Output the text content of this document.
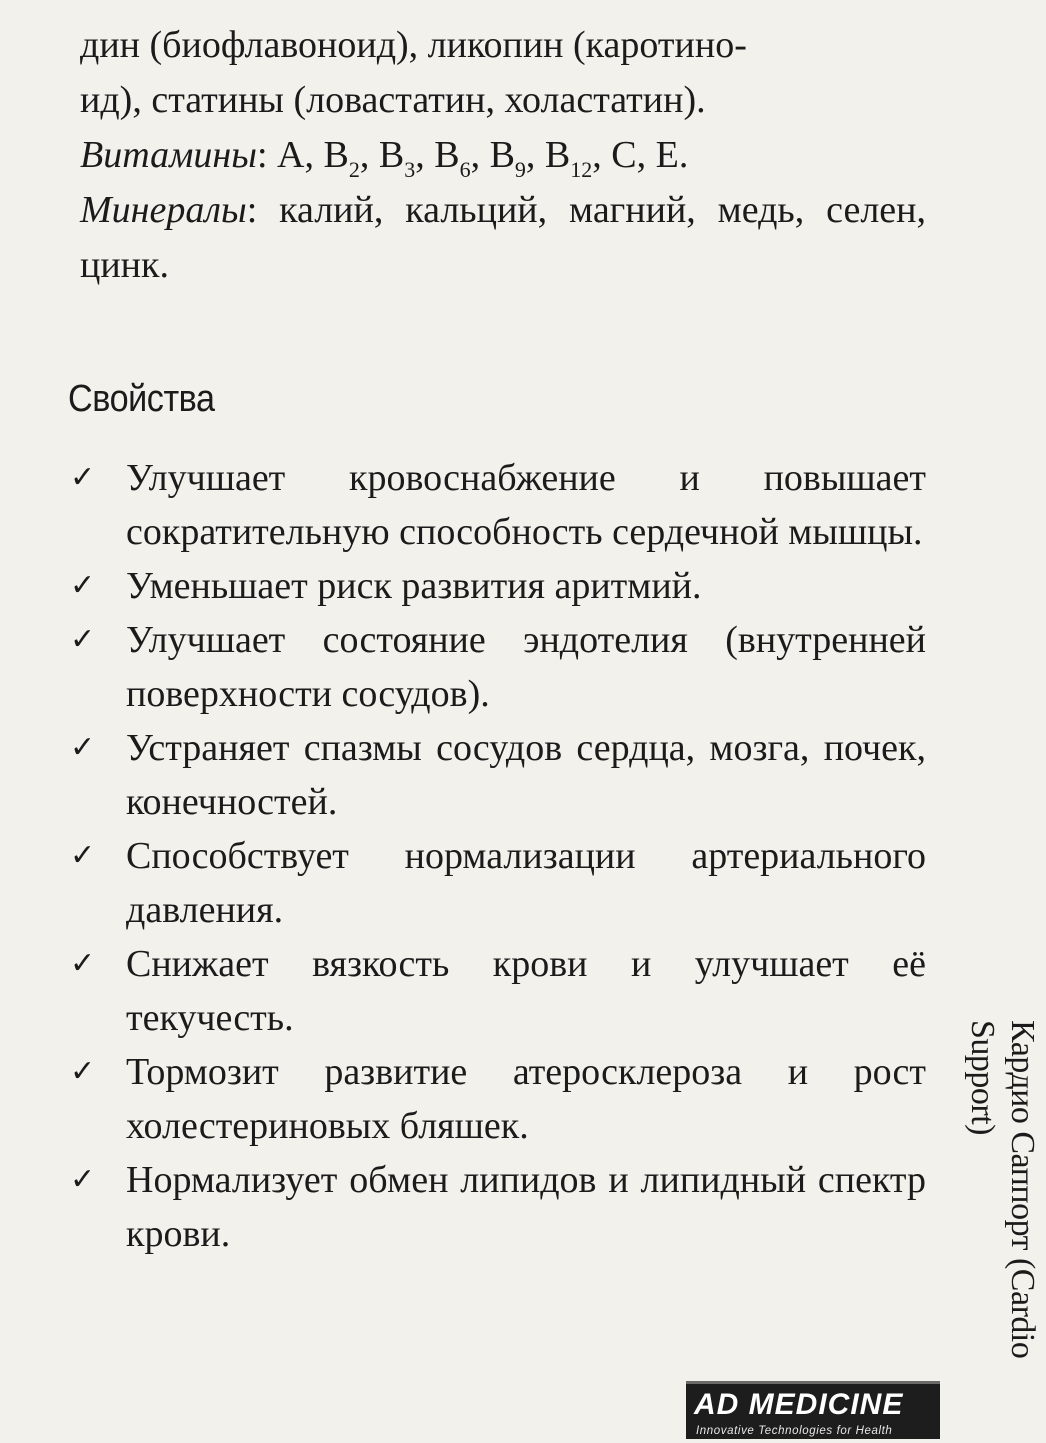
дин (биофлавоноид), ликопин (каротино-

ид), статины (ловастатин, холастатин).

Витамины: A, $B_2$, $B_3$, $B_6$, $B_9$, $B_{12}$, C, E.

Минералы: калий, кальций, магний, медь, селен, цинк.

Свойства
✓ Улучшает кровоснабжение и повышает сократительную способность сердечной мышцы.
✓ Уменьшает риск развития аритмий.
✓ Улучшает состояние эндотелия (внутренней поверхности сосудов).
✓ Устраняет спазмы сосудов сердца, мозга, почек, конечностей.
✓ Способствует нормализации артериального давления.
✓ Снижает вязкость крови и улучшает её текучесть.
✓ Тормозит развитие атеросклероза и рост холестериновых бляшек.
✓ Нормализует обмен липидов и липидный спектр крови.	Кардио Саппорт (Cardio Support)
AD MEDICINE
Innovative Technologies for Health
